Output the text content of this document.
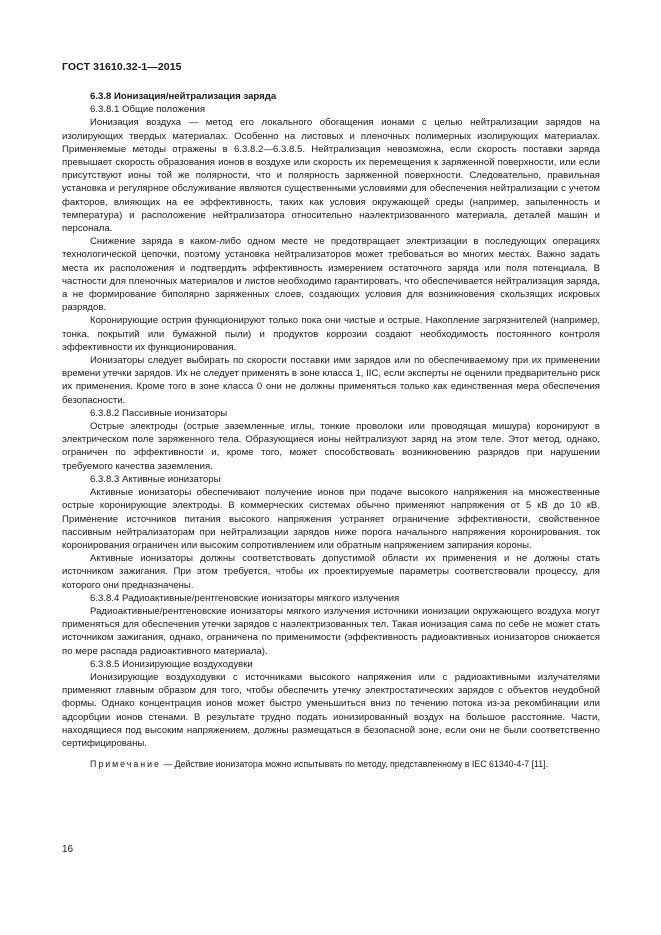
ГОСТ 31610.32-1—2015

6.3.8 Ионизация/нейтрализация заряда

6.3.8.1 Общие положения

Ионизация воздуха — метод его локального обогащения ионами с целью нейтрализации зарядов на изолирующих твердых материалах. Особенно на листовых и пленочных полимерных изолирующих материалах. Применяемые методы отражены в 6.3.8.2—6.3.8.5. Нейтрализация невозможна, если скорость поставки заряда превышает скорость образования ионов в воздухе или скорость их перемещения к заряженной поверхности, или если присутствуют ионы той же полярности, что и полярность заряженной поверхности. Следовательно, правильная установка и регулярное обслуживание являются существенными условиями для обеспечения нейтрализации с учетом факторов, влияющих на ее эффективность, таких как условия окружающей среды (например, запыленность и температура) и расположение нейтрализатора относительно наэлектризованного материала, деталей машин и персонала.

Снижение заряда в каком-либо одном месте не предотвращает электризации в последующих операциях технологической цепочки, поэтому установка нейтрализаторов может требоваться во многих местах. Важно задать места их расположения и подтвердить эффективность измерением остаточного заряда или поля потенциала. В частности для пленочных материалов и листов необходимо гарантировать, что обеспечивается нейтрализация заряда, а не формирование биполярно заряженных слоев, создающих условия для возникновения скользящих искровых разрядов.

Коронирующие острия функционируют только пока они чистые и острые. Накопление загрязнителей (например, тонка, покрытий или бумажной пыли) и продуктов коррозии создают необходимость постоянного контроля эффективности их функционирования.

Ионизаторы следует выбирать по скорости поставки ими зарядов или по обеспечиваемому при их применении времени утечки зарядов. Их не следует применять в зоне класса 1, IIC, если эксперты не оценили предварительно риск их применения. Кроме того в зоне класса 0 они не должны применяться только как единственная мера обеспечения безопасности.

6.3.8.2 Пассивные ионизаторы

Острые электроды (острые заземленные иглы, тонкие проволоки или проводящая мишура) коронируют в электрическом поле заряженного тела. Образующиеся ионы нейтрализуют заряд на этом теле. Этот метод, однако, ограничен по эффективности и, кроме того, может способствовать возникновению разрядов при нарушении требуемого качества заземления.

6.3.8.3 Активные ионизаторы

Активные ионизаторы обеспечивают получение ионов при подаче высокого напряжения на множественные острые коронирующие электроды. В коммерческих системах обычно применяют напряжения от 5 кВ до 10 кВ. Применение источников питания высокого напряжения устраняет ограничение эффективности, свойственное пассивным нейтрализаторам при нейтрализации зарядов ниже порога начального напряжения коронирования. ток коронирования ограничен или высоким сопротивлением или обратным напряжением запирания короны.

Активные ионизаторы должны соответствовать допустимой области их применения и не должны стать источником зажигания. При этом требуется, чтобы их проектируемые параметры соответствовали процессу, для которого они предназначены.

6.3.8.4 Радиоактивные/рентгеновские ионизаторы мягкого излучения

Радиоактивные/рентгеновские ионизаторы мягкого излучения источники ионизации окружающего воздуха могут применяться для обеспечения утечки зарядов с наэлектризованных тел. Такая ионизация сама по себе не может стать источником зажигания, однако, ограничена по применимости (эффективность радиоактивных ионизаторов снижается по мере распада радиоактивного материала).

6.3.8.5 Ионизирующие воздуходувки

Ионизирующие воздуходувки с источниками высокого напряжения или с радиоактивными излучателями применяют главным образом для того, чтобы обеспечить утечку электростатических зарядов с объектов неудобной формы. Однако концентрация ионов может быстро уменьшиться вниз по течению потока из-за рекомбинации или адсорбции ионов стенами. В результате трудно подать ионизированный воздух на большое расстояние. Части, находящиеся под высоким напряжением, должны размещаться в безопасной зоне, если они не были соответственно сертифицированы.

Примечание — Действие ионизатора можно испытывать по методу, представленному в IEC 61340-4-7 [11].

16
